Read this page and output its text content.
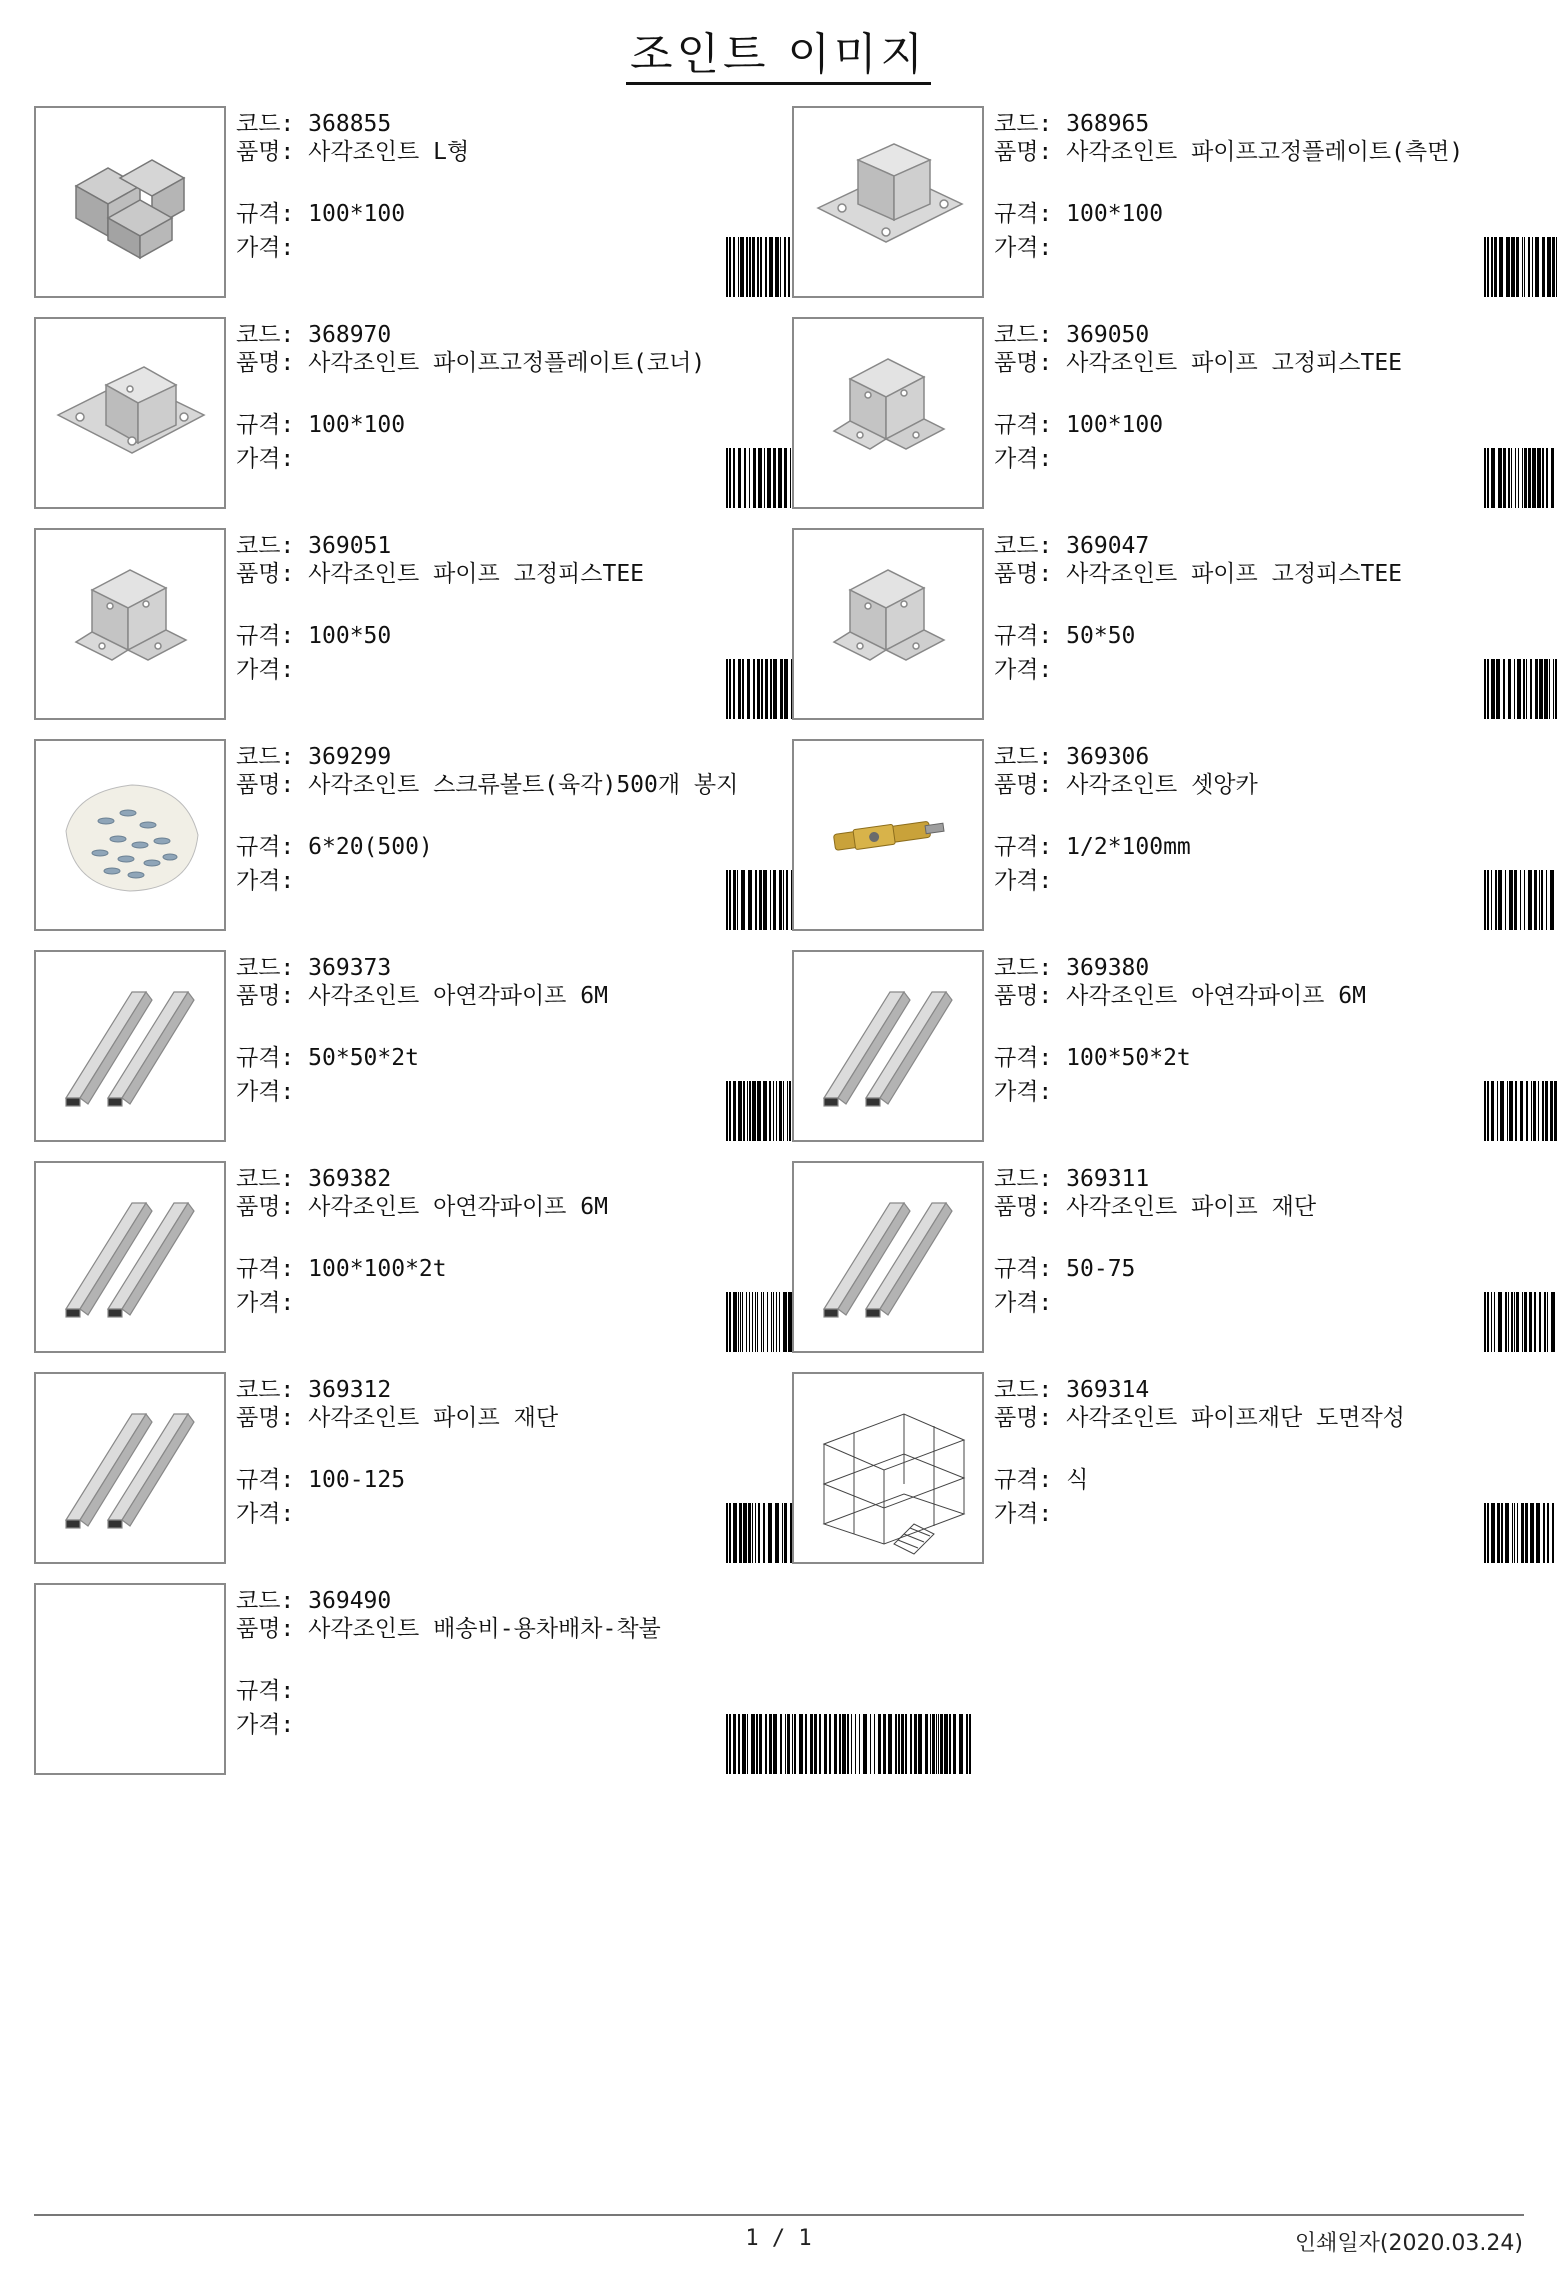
조인트 이미지
코드: 368855
품명: 사각조인트 L형
규격: 100*100
가격:
코드: 368965
품명: 사각조인트 파이프고정플레이트(측면)
규격: 100*100
가격:
코드: 368970
품명: 사각조인트 파이프고정플레이트(코너)
규격: 100*100
가격:
코드: 369050
품명: 사각조인트 파이프 고정피스TEE
규격: 100*100
가격:
코드: 369051
품명: 사각조인트 파이프 고정피스TEE
규격: 100*50
가격:
코드: 369047
품명: 사각조인트 파이프 고정피스TEE
규격: 50*50
가격:
코드: 369299
품명: 사각조인트 스크류볼트(육각)500개 봉지
규격: 6*20(500)
가격:
코드: 369306
품명: 사각조인트 셋앙카
규격: 1/2*100mm
가격:
코드: 369373
품명: 사각조인트 아연각파이프 6M
규격: 50*50*2t
가격:
코드: 369380
품명: 사각조인트 아연각파이프 6M
규격: 100*50*2t
가격:
코드: 369382
품명: 사각조인트 아연각파이프 6M
규격: 100*100*2t
가격:
코드: 369311
품명: 사각조인트 파이프 재단
규격: 50-75
가격:
코드: 369312
품명: 사각조인트 파이프 재단
규격: 100-125
가격:
코드: 369314
품명: 사각조인트 파이프재단 도면작성
규격: 식
가격:
코드: 369490
품명: 사각조인트 배송비-용차배차-착불
규격:
가격:
1 / 1	인쇄일자(2020.03.24)
